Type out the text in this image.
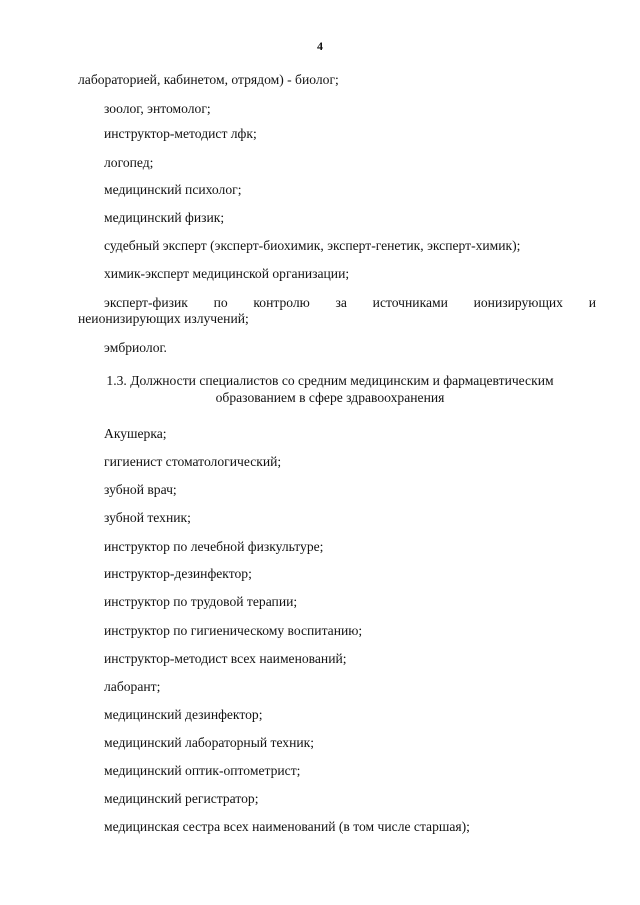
4
лабораторией, кабинетом, отрядом) - биолог;
зоолог, энтомолог;
инструктор-методист лфк;
логопед;
медицинский психолог;
медицинский физик;
судебный эксперт (эксперт-биохимик, эксперт-генетик, эксперт-химик);
химик-эксперт медицинской организации;
эксперт-физик по контролю за источниками ионизирующих и
неионизирующих излучений;
эмбриолог.
1.3. Должности специалистов со средним медицинским и фармацевтическим
образованием в сфере здравоохранения
Акушерка;
гигиенист стоматологический;
зубной врач;
зубной техник;
инструктор по лечебной физкультуре;
инструктор-дезинфектор;
инструктор по трудовой терапии;
инструктор по гигиеническому воспитанию;
инструктор-методист всех наименований;
лаборант;
медицинский дезинфектор;
медицинский лабораторный техник;
медицинский оптик-оптометрист;
медицинский регистратор;
медицинская сестра всех наименований (в том числе старшая);
